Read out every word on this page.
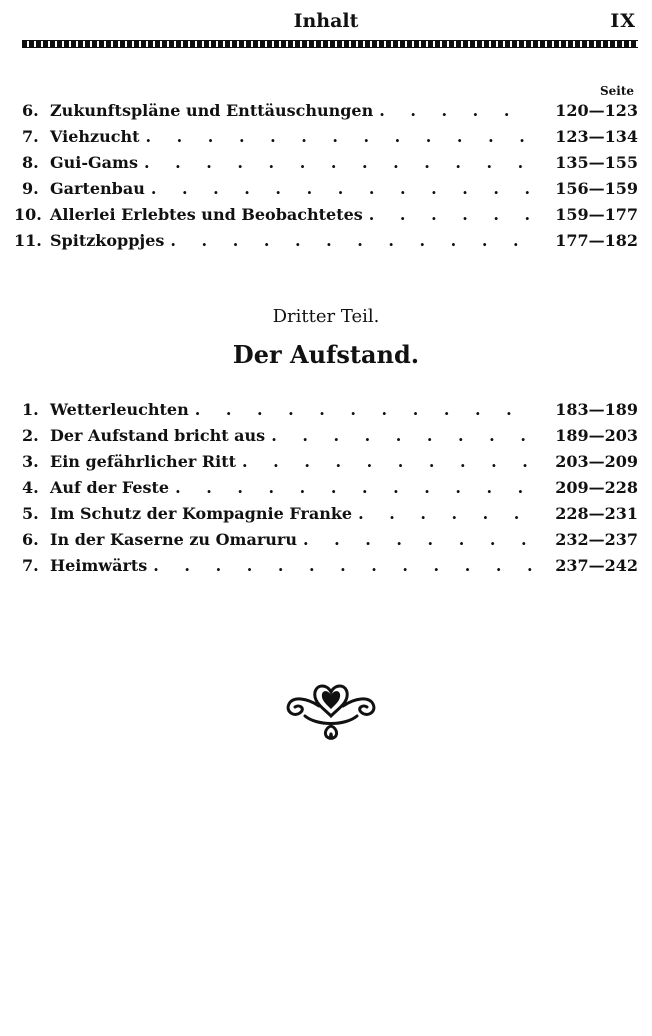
Inhalt	IX
Seite
6. Zukunftspläne und Enttäuschungen . . .	120—123
7. Viehzucht . . .	123—134
8. Gui-Gams . . .	135—155
9. Gartenbau . . .	156—159
10. Allerlei Erlebtes und Beobachtetes . . .	159—177
11. Spitzkoppjes . . .	177—182
Dritter Teil.
Der Aufstand.
1. Wetterleuchten . . .	183—189
2. Der Aufstand bricht aus . . .	189—203
3. Ein gefährlicher Ritt . . .	203—209
4. Auf der Feste . . .	209—228
5. Im Schutz der Kompagnie Franke . . .	228—231
6. In der Kaserne zu Omaruru . . .	232—237
7. Heimwärts . . .	237—242
